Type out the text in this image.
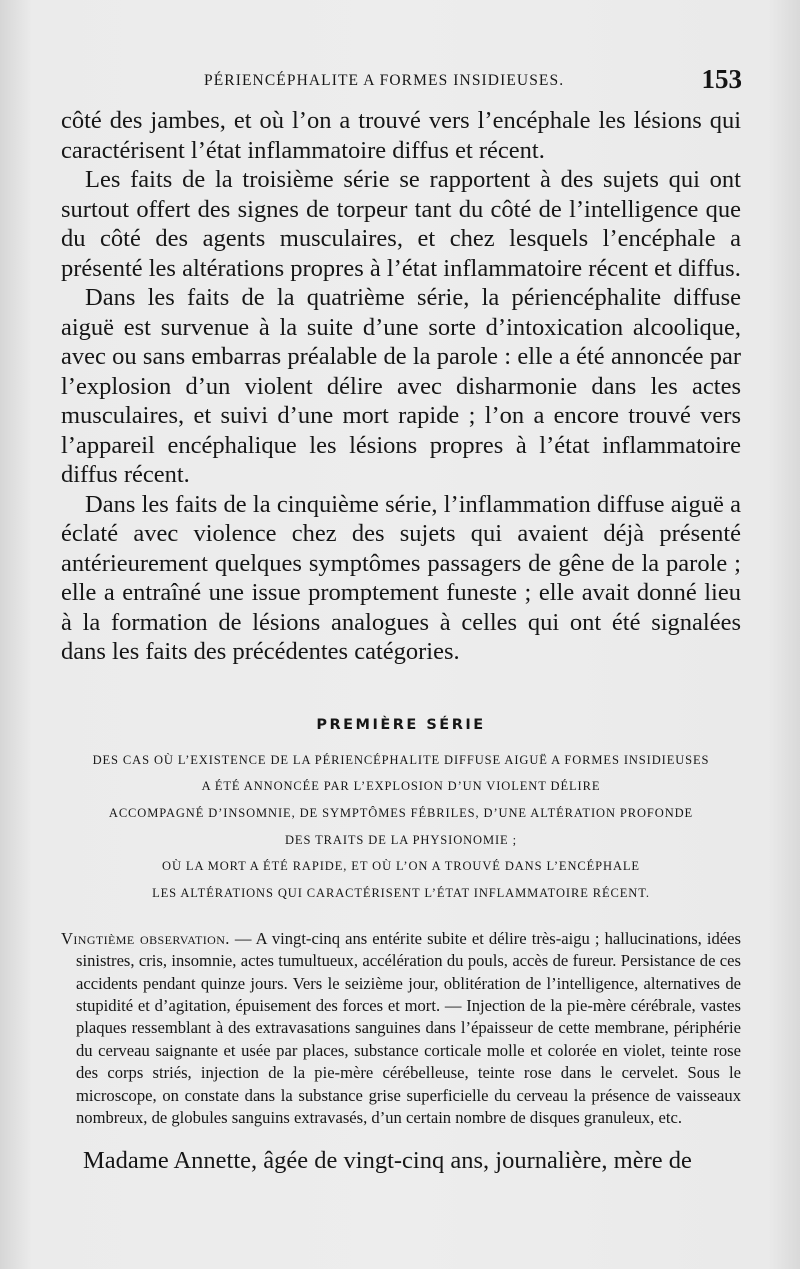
PÉRIENCÉPHALITE A FORMES INSIDIEUSES.	153

côté des jambes, et où l’on a trouvé vers l’encéphale les lésions qui caractérisent l’état inflammatoire diffus et récent.

Les faits de la troisième série se rapportent à des sujets qui ont surtout offert des signes de torpeur tant du côté de l’intelligence que du côté des agents musculaires, et chez lesquels l’encéphale a présenté les altérations propres à l’état inflammatoire récent et diffus.

Dans les faits de la quatrième série, la périencéphalite diffuse aiguë est survenue à la suite d’une sorte d’intoxication alcoolique, avec ou sans embarras préalable de la parole : elle a été annoncée par l’explosion d’un violent délire avec disharmonie dans les actes musculaires, et suivi d’une mort rapide ; l’on a encore trouvé vers l’appareil encéphalique les lésions propres à l’état inflammatoire diffus récent.

Dans les faits de la cinquième série, l’inflammation diffuse aiguë a éclaté avec violence chez des sujets qui avaient déjà présenté antérieurement quelques symptômes passagers de gêne de la parole ; elle a entraîné une issue promptement funeste ; elle avait donné lieu à la formation de lésions analogues à celles qui ont été signalées dans les faits des précédentes catégories.

PREMIÈRE SÉRIE

DES CAS OÙ L’EXISTENCE DE LA PÉRIENCÉPHALITE DIFFUSE AIGUË A FORMES INSIDIEUSES

A ÉTÉ ANNONCÉE PAR L’EXPLOSION D’UN VIOLENT DÉLIRE

ACCOMPAGNÉ D’INSOMNIE, DE SYMPTÔMES FÉBRILES, D’UNE ALTÉRATION PROFONDE

DES TRAITS DE LA PHYSIONOMIE ;

OÙ LA MORT A ÉTÉ RAPIDE, ET OÙ L’ON A TROUVÉ DANS L’ENCÉPHALE

LES ALTÉRATIONS QUI CARACTÉRISENT L’ÉTAT INFLAMMATOIRE RÉCENT.

Vingtième observation. — A vingt-cinq ans entérite subite et délire très-aigu ; hallucinations, idées sinistres, cris, insomnie, actes tumultueux, accélération du pouls, accès de fureur. Persistance de ces accidents pendant quinze jours. Vers le seizième jour, oblitération de l’intelligence, alternatives de stupidité et d’agitation, épuisement des forces et mort. — Injection de la pie-mère cérébrale, vastes plaques ressemblant à des extravasations sanguines dans l’épaisseur de cette membrane, périphérie du cerveau saignante et usée par places, substance corticale molle et colorée en violet, teinte rose des corps striés, injection de la pie-mère cérébelleuse, teinte rose dans le cervelet. Sous le microscope, on constate dans la substance grise superficielle du cerveau la présence de vaisseaux nombreux, de globules sanguins extravasés, d’un certain nombre de disques granuleux, etc.

Madame Annette, âgée de vingt-cinq ans, journalière, mère de
